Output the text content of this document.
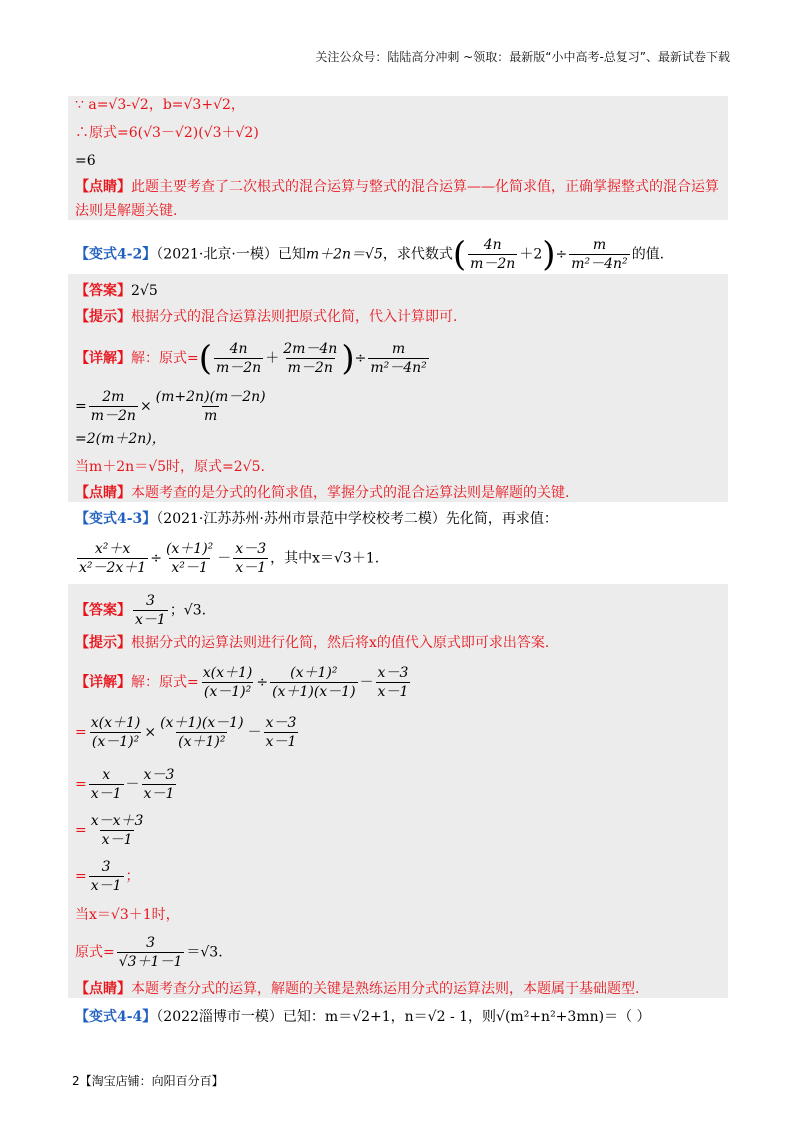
关注公众号：陆陆高分冲刺 ~领取：最新版“小中高考-总复习”、最新试卷下载
∵ a=√3-√2，b=√3+√2，
∴原式=6(√3－√2)(√3＋√2)
=6
【点睛】此题主要考查了二次根式的混合运算与整式的混合运算——化简求值，正确掌握整式的混合运算
法则是解题关键.
【变式4-2】（2021·北京·一模）已知m＋2n＝√5，求代数式( $\frac{4n}{m-2n} +2)\div \frac{m}{\text{m²－4n²}}$ 的值.
【答案】2√5
【提示】根据分式的混合运算法则把原式化简，代入计算即可.
【详解】解：原式=( $\frac{4n}{m-2n} + \frac{2m-4n}{m-2n}$ )÷ $\frac{m}{\text{m²－4n²}}$
= $\frac{2m}{m-2n} \times \frac{(m+2n)(m-2n)}{m}$
=2(m＋2n)，
当m＋2n＝√5时，原式=2√5.
【点睛】本题考查的是分式的化简求值，掌握分式的混合运算法则是解题的关键.
【变式4-3】（2021·江苏苏州·苏州市景范中学校校考二模）先化简，再求值：
$\frac{\text{x²＋x}}{\text{x²－2x＋1}} \div \frac{\text{(x＋1)²}}{\text{x²－1}} - \frac{x-3}{x-1}$ ，其中x＝√3＋1.
【答案】 $\frac{3}{x-1}$ ；√3.
【提示】根据分式的运算法则进行化简，然后将x的值代入原式即可求出答案.
【详解】解：原式= $\frac{x(x+1)}{\text{(x－1)²}} \div \frac{\text{(x＋1)²}}{(x+1)(x-1)} - \frac{x-3}{x-1}$
= $\frac{x(x+1)}{\text{(x－1)²}} \times \frac{(x+1)(x-1)}{\text{(x＋1)²}} - \frac{x-3}{x-1}$
= $\frac{x}{x-1} - \frac{x-3}{x-1}$
= $\frac{x-x+3}{x-1}$
= $\frac{3}{x-1}$ ；
当x＝√3＋1时，
原式= $\frac{3}{√3+1-1} =√3$.
【点睛】本题考查分式的运算，解题的关键是熟练运用分式的运算法则，本题属于基础题型.
【变式4-4】（2022淄博市一模）已知：m＝√2+1，n＝√2 - 1，则√(m²+n²+3mn)＝（ ）
2【淘宝店铺：向阳百分百】
